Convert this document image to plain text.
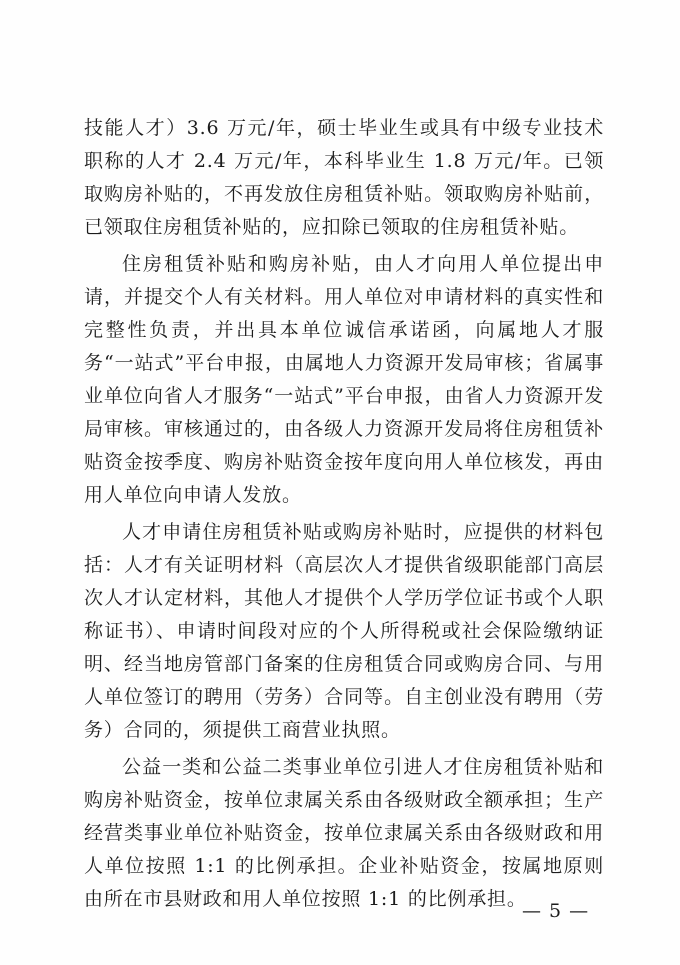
技能人才）3.6 万元/年，硕士毕业生或具有中级专业技术职称的人才 2.4 万元/年，本科毕业生 1.8 万元/年。已领取购房补贴的，不再发放住房租赁补贴。领取购房补贴前，已领取住房租赁补贴的，应扣除已领取的住房租赁补贴。

住房租赁补贴和购房补贴，由人才向用人单位提出申请，并提交个人有关材料。用人单位对申请材料的真实性和完整性负责，并出具本单位诚信承诺函，向属地人才服务“一站式”平台申报，由属地人力资源开发局审核；省属事业单位向省人才服务“一站式”平台申报，由省人力资源开发局审核。审核通过的，由各级人力资源开发局将住房租赁补贴资金按季度、购房补贴资金按年度向用人单位核发，再由用人单位向申请人发放。

人才申请住房租赁补贴或购房补贴时，应提供的材料包括：人才有关证明材料（高层次人才提供省级职能部门高层次人才认定材料，其他人才提供个人学历学位证书或个人职称证书）、申请时间段对应的个人所得税或社会保险缴纳证明、经当地房管部门备案的住房租赁合同或购房合同、与用人单位签订的聘用（劳务）合同等。自主创业没有聘用（劳务）合同的，须提供工商营业执照。

公益一类和公益二类事业单位引进人才住房租赁补贴和购房补贴资金，按单位隶属关系由各级财政全额承担；生产经营类事业单位补贴资金，按单位隶属关系由各级财政和用人单位按照 1:1 的比例承担。企业补贴资金，按属地原则由所在市县财政和用人单位按照 1:1 的比例承担。

— 5 —
